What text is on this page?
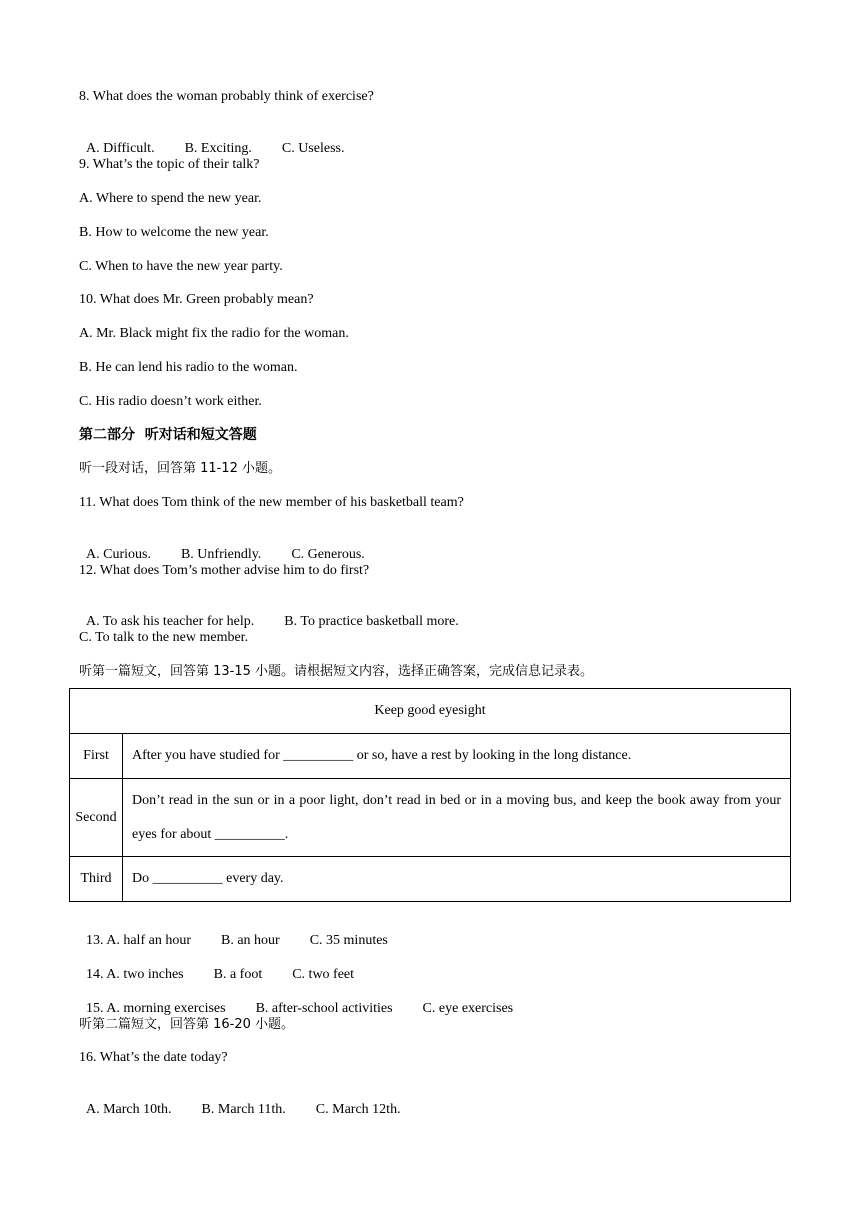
8. What does the woman probably think of exercise?

A. Difficult. B. Exciting. C. Useless.

9. What’s the topic of their talk?
A. Where to spend the new year.
B. How to welcome the new year.
C. When to have the new year party.
10. What does Mr. Green probably mean?
A. Mr. Black might fix the radio for the woman.
B. He can lend his radio to the woman.
C. His radio doesn’t work either.
第二部分  听对话和短文答题
听一段对话，回答第 11-12 小题。
11. What does Tom think of the new member of his basketball team?

A. Curious. B. Unfriendly. C. Generous.

12. What does Tom’s mother advise him to do first?

A. To ask his teacher for help. B. To practice basketball more.

C. To talk to the new member.
听第一篇短文，回答第 13-15 小题。请根据短文内容，选择正确答案，完成信息记录表。
Keep good eyesight	
First	After you have studied for __________ or so, have a rest by looking in the long distance.
Second	Don’t read in the sun or in a poor light, don’t read in bed or in a moving bus, and keep the book away from your eyes for about __________.
Third	Do __________ every day.

13. A. half an hour B. an hour C. 35 minutes

14. A. two inches B. a foot C. two feet

15. A. morning exercises B. after-school activities C. eye exercises

听第二篇短文，回答第 16-20 小题。
16. What’s the date today?

A. March 10th. B. March 11th. C. March 12th.
